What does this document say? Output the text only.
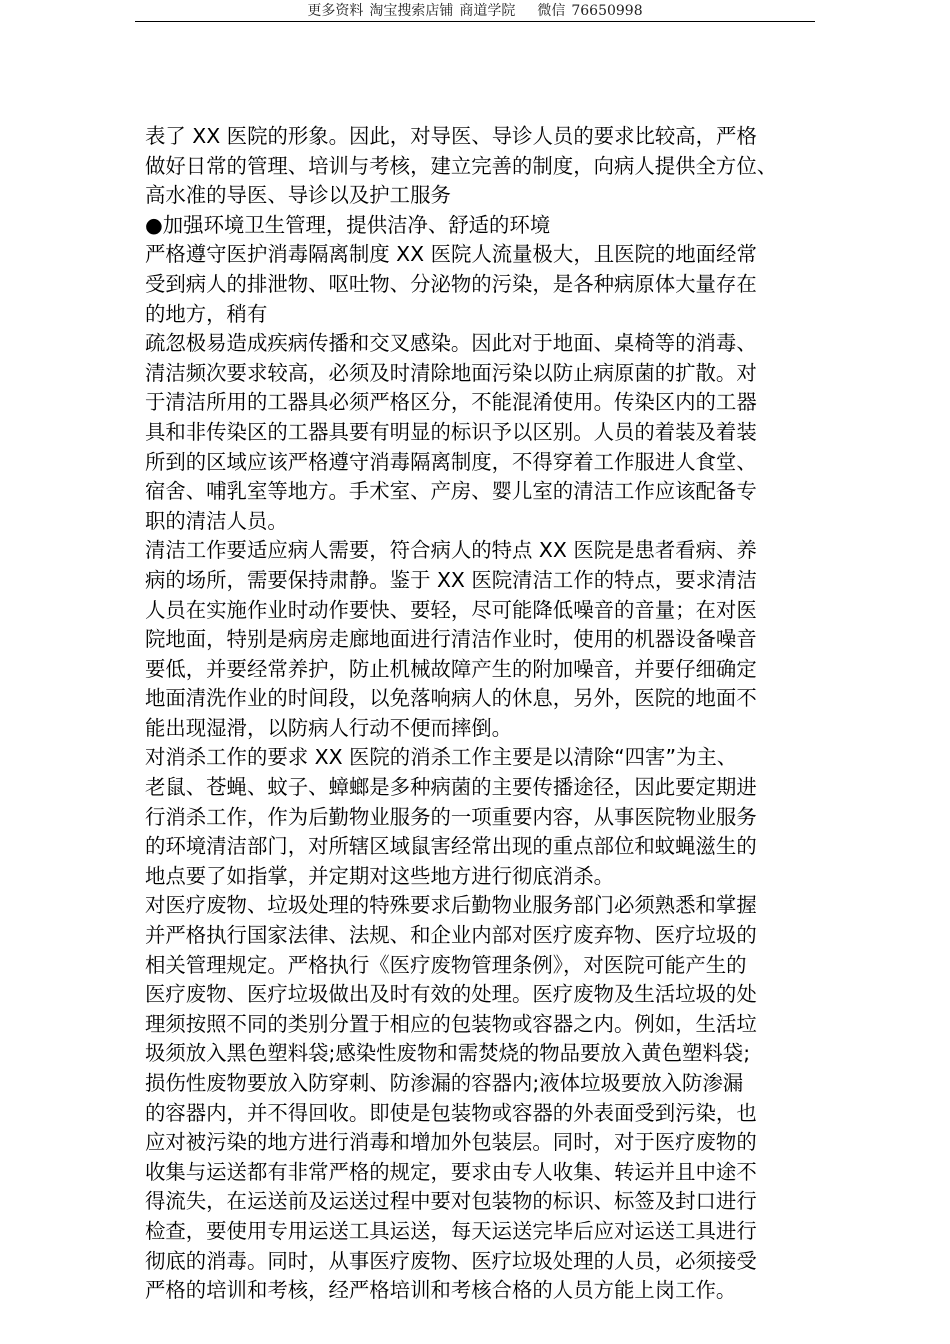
更多资料 淘宝搜索店铺 商道学院 微信 76650998
表了 XX 医院的形象。因此，对导医、导诊人员的要求比较高，严格
做好日常的管理、培训与考核，建立完善的制度，向病人提供全方位、
高水准的导医、导诊以及护工服务
●加强环境卫生管理，提供洁净、舒适的环境
严格遵守医护消毒隔离制度 XX 医院人流量极大，且医院的地面经常
受到病人的排泄物、呕吐物、分泌物的污染，是各种病原体大量存在
的地方，稍有
疏忽极易造成疾病传播和交叉感染。因此对于地面、桌椅等的消毒、
清洁频次要求较高，必须及时清除地面污染以防止病原菌的扩散。对
于清洁所用的工器具必须严格区分，不能混淆使用。传染区内的工器
具和非传染区的工器具要有明显的标识予以区别。人员的着装及着装
所到的区域应该严格遵守消毒隔离制度，不得穿着工作服进人食堂、
宿舍、哺乳室等地方。手术室、产房、婴儿室的清洁工作应该配备专
职的清洁人员。
清洁工作要适应病人需要，符合病人的特点 XX 医院是患者看病、养
病的场所，需要保持肃静。鉴于 XX 医院清洁工作的特点，要求清洁
人员在实施作业时动作要快、要轻，尽可能降低噪音的音量；在对医
院地面，特别是病房走廊地面进行清洁作业时，使用的机器设备噪音
要低，并要经常养护，防止机械故障产生的附加噪音，并要仔细确定
地面清洗作业的时间段，以免落响病人的休息，另外，医院的地面不
能出现湿滑，以防病人行动不便而摔倒。
对消杀工作的要求 XX 医院的消杀工作主要是以清除“四害”为主、
老鼠、苍蝇、蚊子、蟑螂是多种病菌的主要传播途径，因此要定期进
行消杀工作，作为后勤物业服务的一项重要内容，从事医院物业服务
的环境清洁部门，对所辖区域鼠害经常出现的重点部位和蚊蝇滋生的
地点要了如指掌，并定期对这些地方进行彻底消杀。
对医疗废物、垃圾处理的特殊要求后勤物业服务部门必须熟悉和掌握
并严格执行国家法律、法规、和企业内部对医疗废弃物、医疗垃圾的
相关管理规定。严格执行《医疗废物管理条例》，对医院可能产生的
医疗废物、医疗垃圾做出及时有效的处理。医疗废物及生活垃圾的处
理须按照不同的类别分置于相应的包装物或容器之内。例如，生活垃
圾须放入黑色塑料袋;感染性废物和需焚烧的物品要放入黄色塑料袋;
损伤性废物要放入防穿刺、防渗漏的容器内;液体垃圾要放入防渗漏
的容器内，并不得回收。即使是包装物或容器的外表面受到污染，也
应对被污染的地方进行消毒和增加外包装层。同时，对于医疗废物的
收集与运送都有非常严格的规定，要求由专人收集、转运并且中途不
得流失，在运送前及运送过程中要对包装物的标识、标签及封口进行
检查，要使用专用运送工具运送，每天运送完毕后应对运送工具进行
彻底的消毒。同时，从事医疗废物、医疗垃圾处理的人员，必须接受
严格的培训和考核，经严格培训和考核合格的人员方能上岗工作。
